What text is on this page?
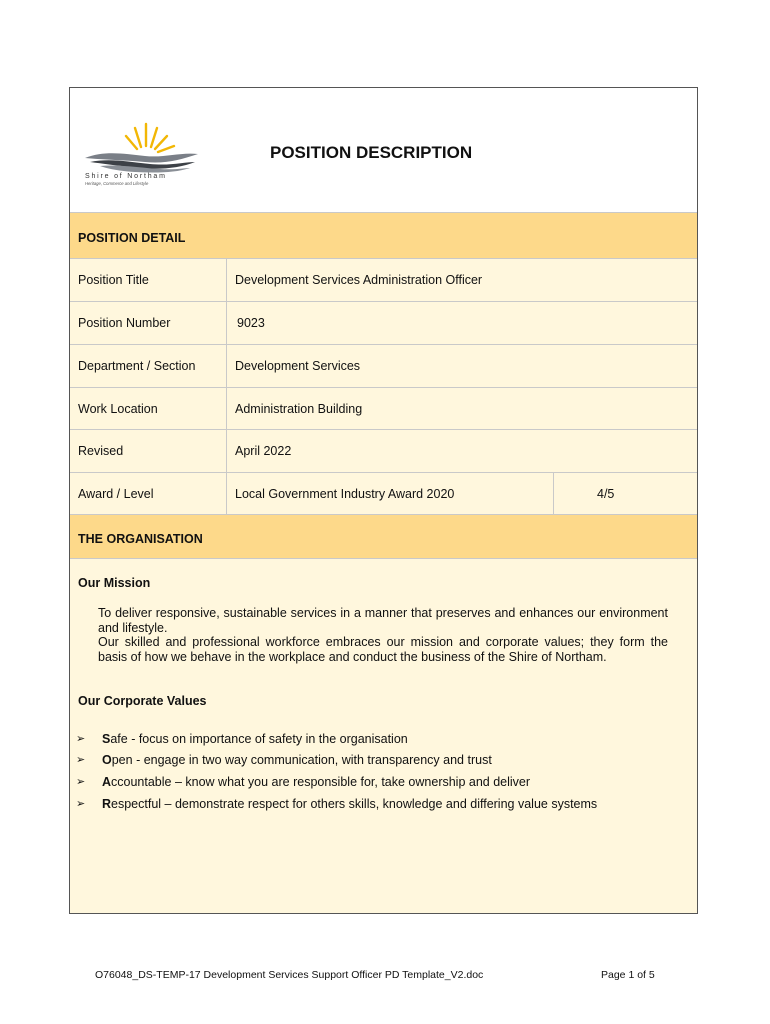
Shire of Northam
Heritage, Commerce and Lifestyle
POSITION DESCRIPTION
POSITION DETAIL
Position Title	Development Services Administration Officer
Position Number	9023
Department / Section	Development Services
Work Location	Administration Building
Revised	April 2022
Award / Level	Local Government Industry Award 2020	4/5
THE ORGANISATION
Our Mission

To deliver responsive, sustainable services in a manner that preserves and enhances our environment and lifestyle.

Our skilled and professional workforce embraces our mission and corporate values; they form the basis of how we behave in the workplace and conduct the business of the Shire of Northam.

Our Corporate Values
➢ Safe - focus on importance of safety in the organisation
➢ Open - engage in two way communication, with transparency and trust
➢ Accountable – know what you are responsible for, take ownership and deliver
➢ Respectful – demonstrate respect for others skills, knowledge and differing value systems
O76048_DS-TEMP-17 Development Services Support Officer PD Template_V2.doc	Page 1 of 5
